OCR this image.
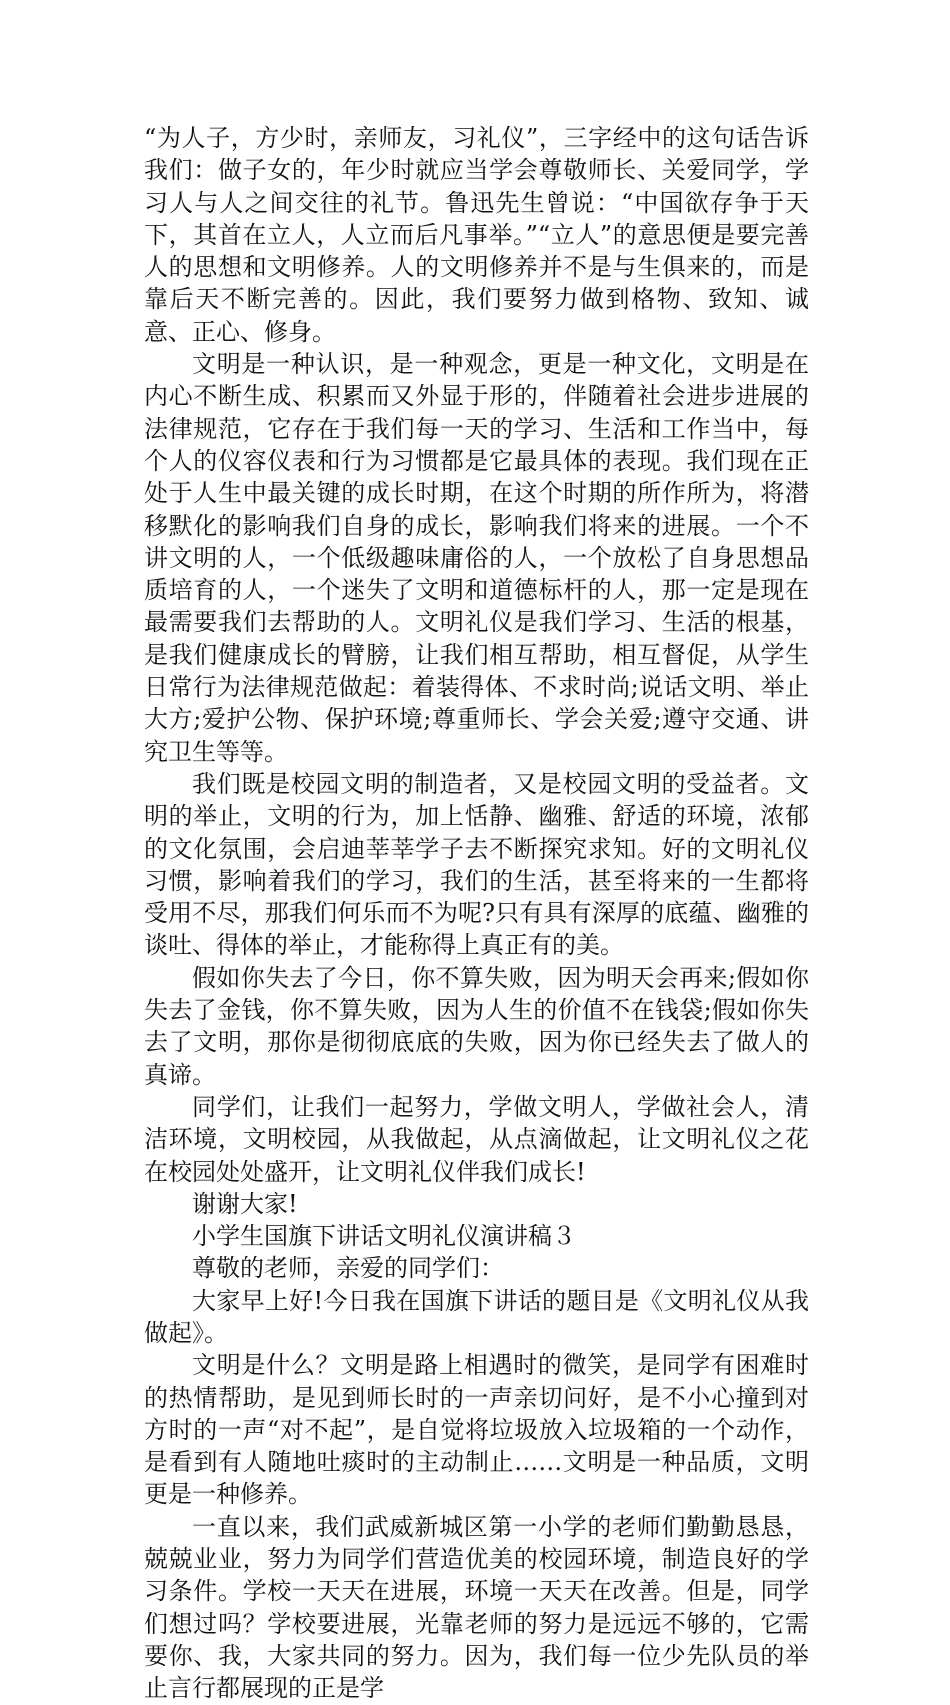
“为人子，方少时，亲师友，习礼仪”，三字经中的这句话告诉我们：做子女的，年少时就应当学会尊敬师长、关爱同学，学习人与人之间交往的礼节。鲁迅先生曾说：“中国欲存争于天下，其首在立人，人立而后凡事举。”“立人”的意思便是要完善人的思想和文明修养。人的文明修养并不是与生俱来的，而是靠后天不断完善的。因此，我们要努力做到格物、致知、诚意、正心、修身。

文明是一种认识，是一种观念，更是一种文化，文明是在内心不断生成、积累而又外显于形的，伴随着社会进步进展的法律规范，它存在于我们每一天的学习、生活和工作当中，每个人的仪容仪表和行为习惯都是它最具体的表现。我们现在正处于人生中最关键的成长时期，在这个时期的所作所为，将潜移默化的影响我们自身的成长，影响我们将来的进展。一个不讲文明的人，一个低级趣味庸俗的人，一个放松了自身思想品质培育的人，一个迷失了文明和道德标杆的人，那一定是现在最需要我们去帮助的人。文明礼仪是我们学习、生活的根基，是我们健康成长的臂膀，让我们相互帮助，相互督促，从学生日常行为法律规范做起：着装得体、不求时尚;说话文明、举止大方;爱护公物、保护环境;尊重师长、学会关爱;遵守交通、讲究卫生等等。

我们既是校园文明的制造者，又是校园文明的受益者。文明的举止，文明的行为，加上恬静、幽雅、舒适的环境，浓郁的文化氛围，会启迪莘莘学子去不断探究求知。好的文明礼仪习惯，影响着我们的学习，我们的生活，甚至将来的一生都将受用不尽，那我们何乐而不为呢?只有具有深厚的底蕴、幽雅的谈吐、得体的举止，才能称得上真正有的美。

假如你失去了今日，你不算失败，因为明天会再来;假如你失去了金钱，你不算失败，因为人生的价值不在钱袋;假如你失去了文明，那你是彻彻底底的失败，因为你已经失去了做人的真谛。

同学们，让我们一起努力，学做文明人，学做社会人，清洁环境，文明校园，从我做起，从点滴做起，让文明礼仪之花在校园处处盛开，让文明礼仪伴我们成长!

谢谢大家!

小学生国旗下讲话文明礼仪演讲稿３

尊敬的老师，亲爱的同学们：

大家早上好!今日我在国旗下讲话的题目是《文明礼仪从我做起》。

文明是什么？文明是路上相遇时的微笑，是同学有困难时的热情帮助，是见到师长时的一声亲切问好，是不小心撞到对方时的一声“对不起”，是自觉将垃圾放入垃圾箱的一个动作，是看到有人随地吐痰时的主动制止……文明是一种品质，文明更是一种修养。

一直以来，我们武威新城区第一小学的老师们勤勤恳恳，兢兢业业，努力为同学们营造优美的校园环境，制造良好的学习条件。学校一天天在进展，环境一天天在改善。但是，同学们想过吗？学校要进展，光靠老师的努力是远远不够的，它需要你、我，大家共同的努力。因为，我们每一位少先队员的举止言行都展现的正是学
